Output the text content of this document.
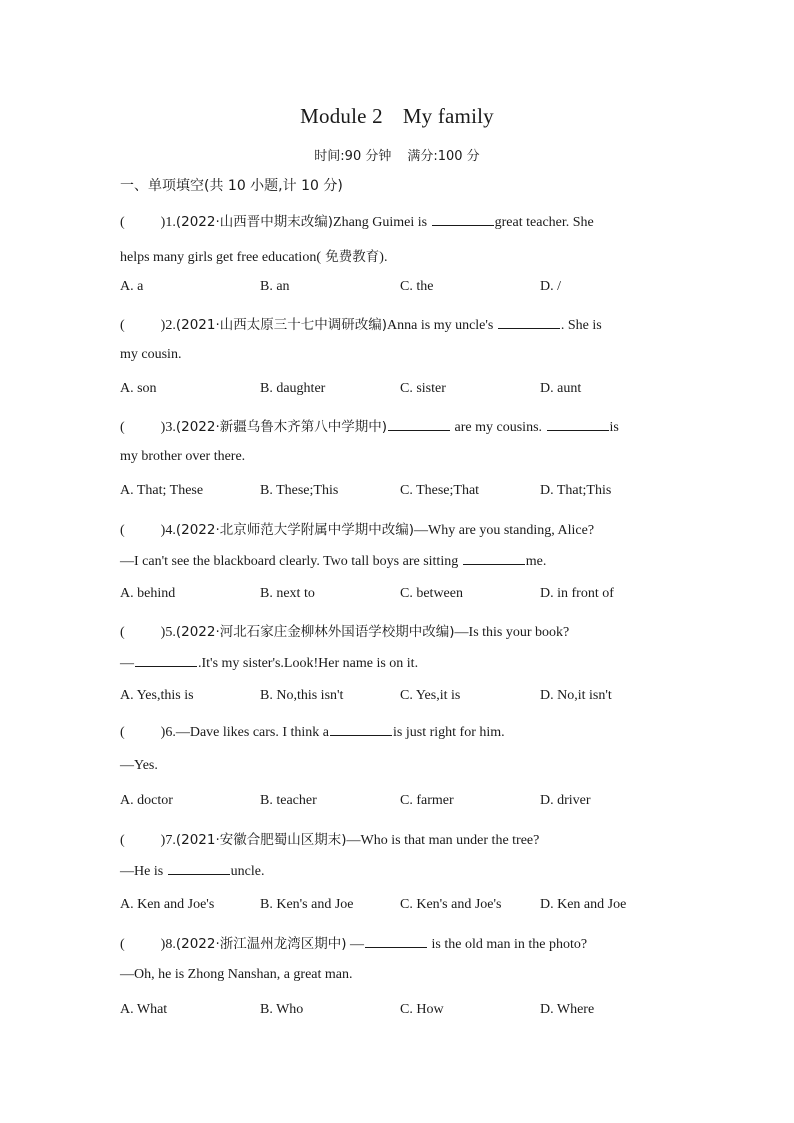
Module 2 My family
时间:90 分钟 满分:100 分
一、单项填空(共 10 小题,计 10 分)
(	)1.(2022·山西晋中期末改编)Zhang Guimei is	great teacher. She
helps many girls get free education( 免费教育).
A. a	B. an	C. the	D. /
(	)2.(2021·山西太原三十七中调研改编)Anna is my uncle's	. She is
my cousin.
A. son	B. daughter	C. sister	D. aunt
(	)3.(2022·新疆乌鲁木齐第八中学期中)	are my cousins.	is
my brother over there.
A. That; These	B. These;This	C. These;That	D. That;This
(	)4.(2022·北京师范大学附属中学期中改编)—Why are you standing, Alice?
—I can't see the blackboard clearly. Two tall boys are sitting	me.
A. behind	B. next to	C. between	D. in front of
(	)5.(2022·河北石家庄金柳林外国语学校期中改编)—Is this your book?
—	.It's my sister's.Look!Her name is on it.
A. Yes,this is	B. No,this isn't	C. Yes,it is	D. No,it isn't
(	)6.—Dave likes cars. I think a	is just right for him.
—Yes.
A. doctor	B. teacher	C. farmer	D. driver
(	)7.(2021·安徽合肥蜀山区期末)—Who is that man under the tree?
—He is	uncle.
A. Ken and Joe's	B. Ken's and Joe	C. Ken's and Joe's	D. Ken and Joe
(	)8.(2022·浙江温州龙湾区期中) —	is the old man in the photo?
—Oh, he is Zhong Nanshan, a great man.
A. What	B. Who	C. How	D. Where
